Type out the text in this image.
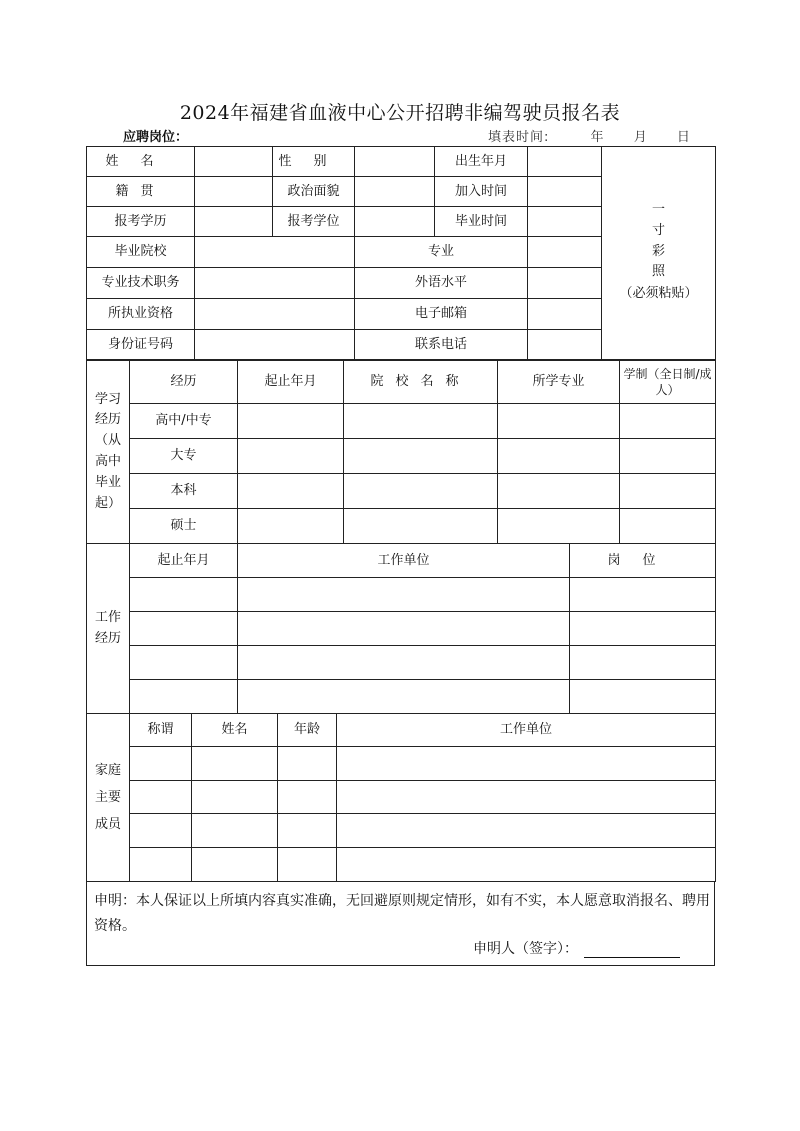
2024年福建省血液中心公开招聘非编驾驶员报名表
应聘岗位：	填表时间:	年 月 日
姓名		性别		出生年月		一寸彩照
（必须粘贴）

籍贯		政治面貌		加入时间		
报考学历		报考学位		毕业时间		
毕业院校			专业			
专业技术职务			外语水平			
所执业资格			电子邮箱			
身份证号码			联系电话			
学习经历（从高中毕业起）	经历	起止年月	院校名称	所学专业	学制（全日制/成人）
	高中/中专				
	大专				
	本科				
	硕士				
工作经历	起止年月	工作单位	岗位

家庭主要成员	称谓	姓名	年龄	工作单位

申明：本人保证以上所填内容真实准确，无回避原则规定情形，如有不实，本人愿意取消报名、聘用资格。
申明人（签字）：
